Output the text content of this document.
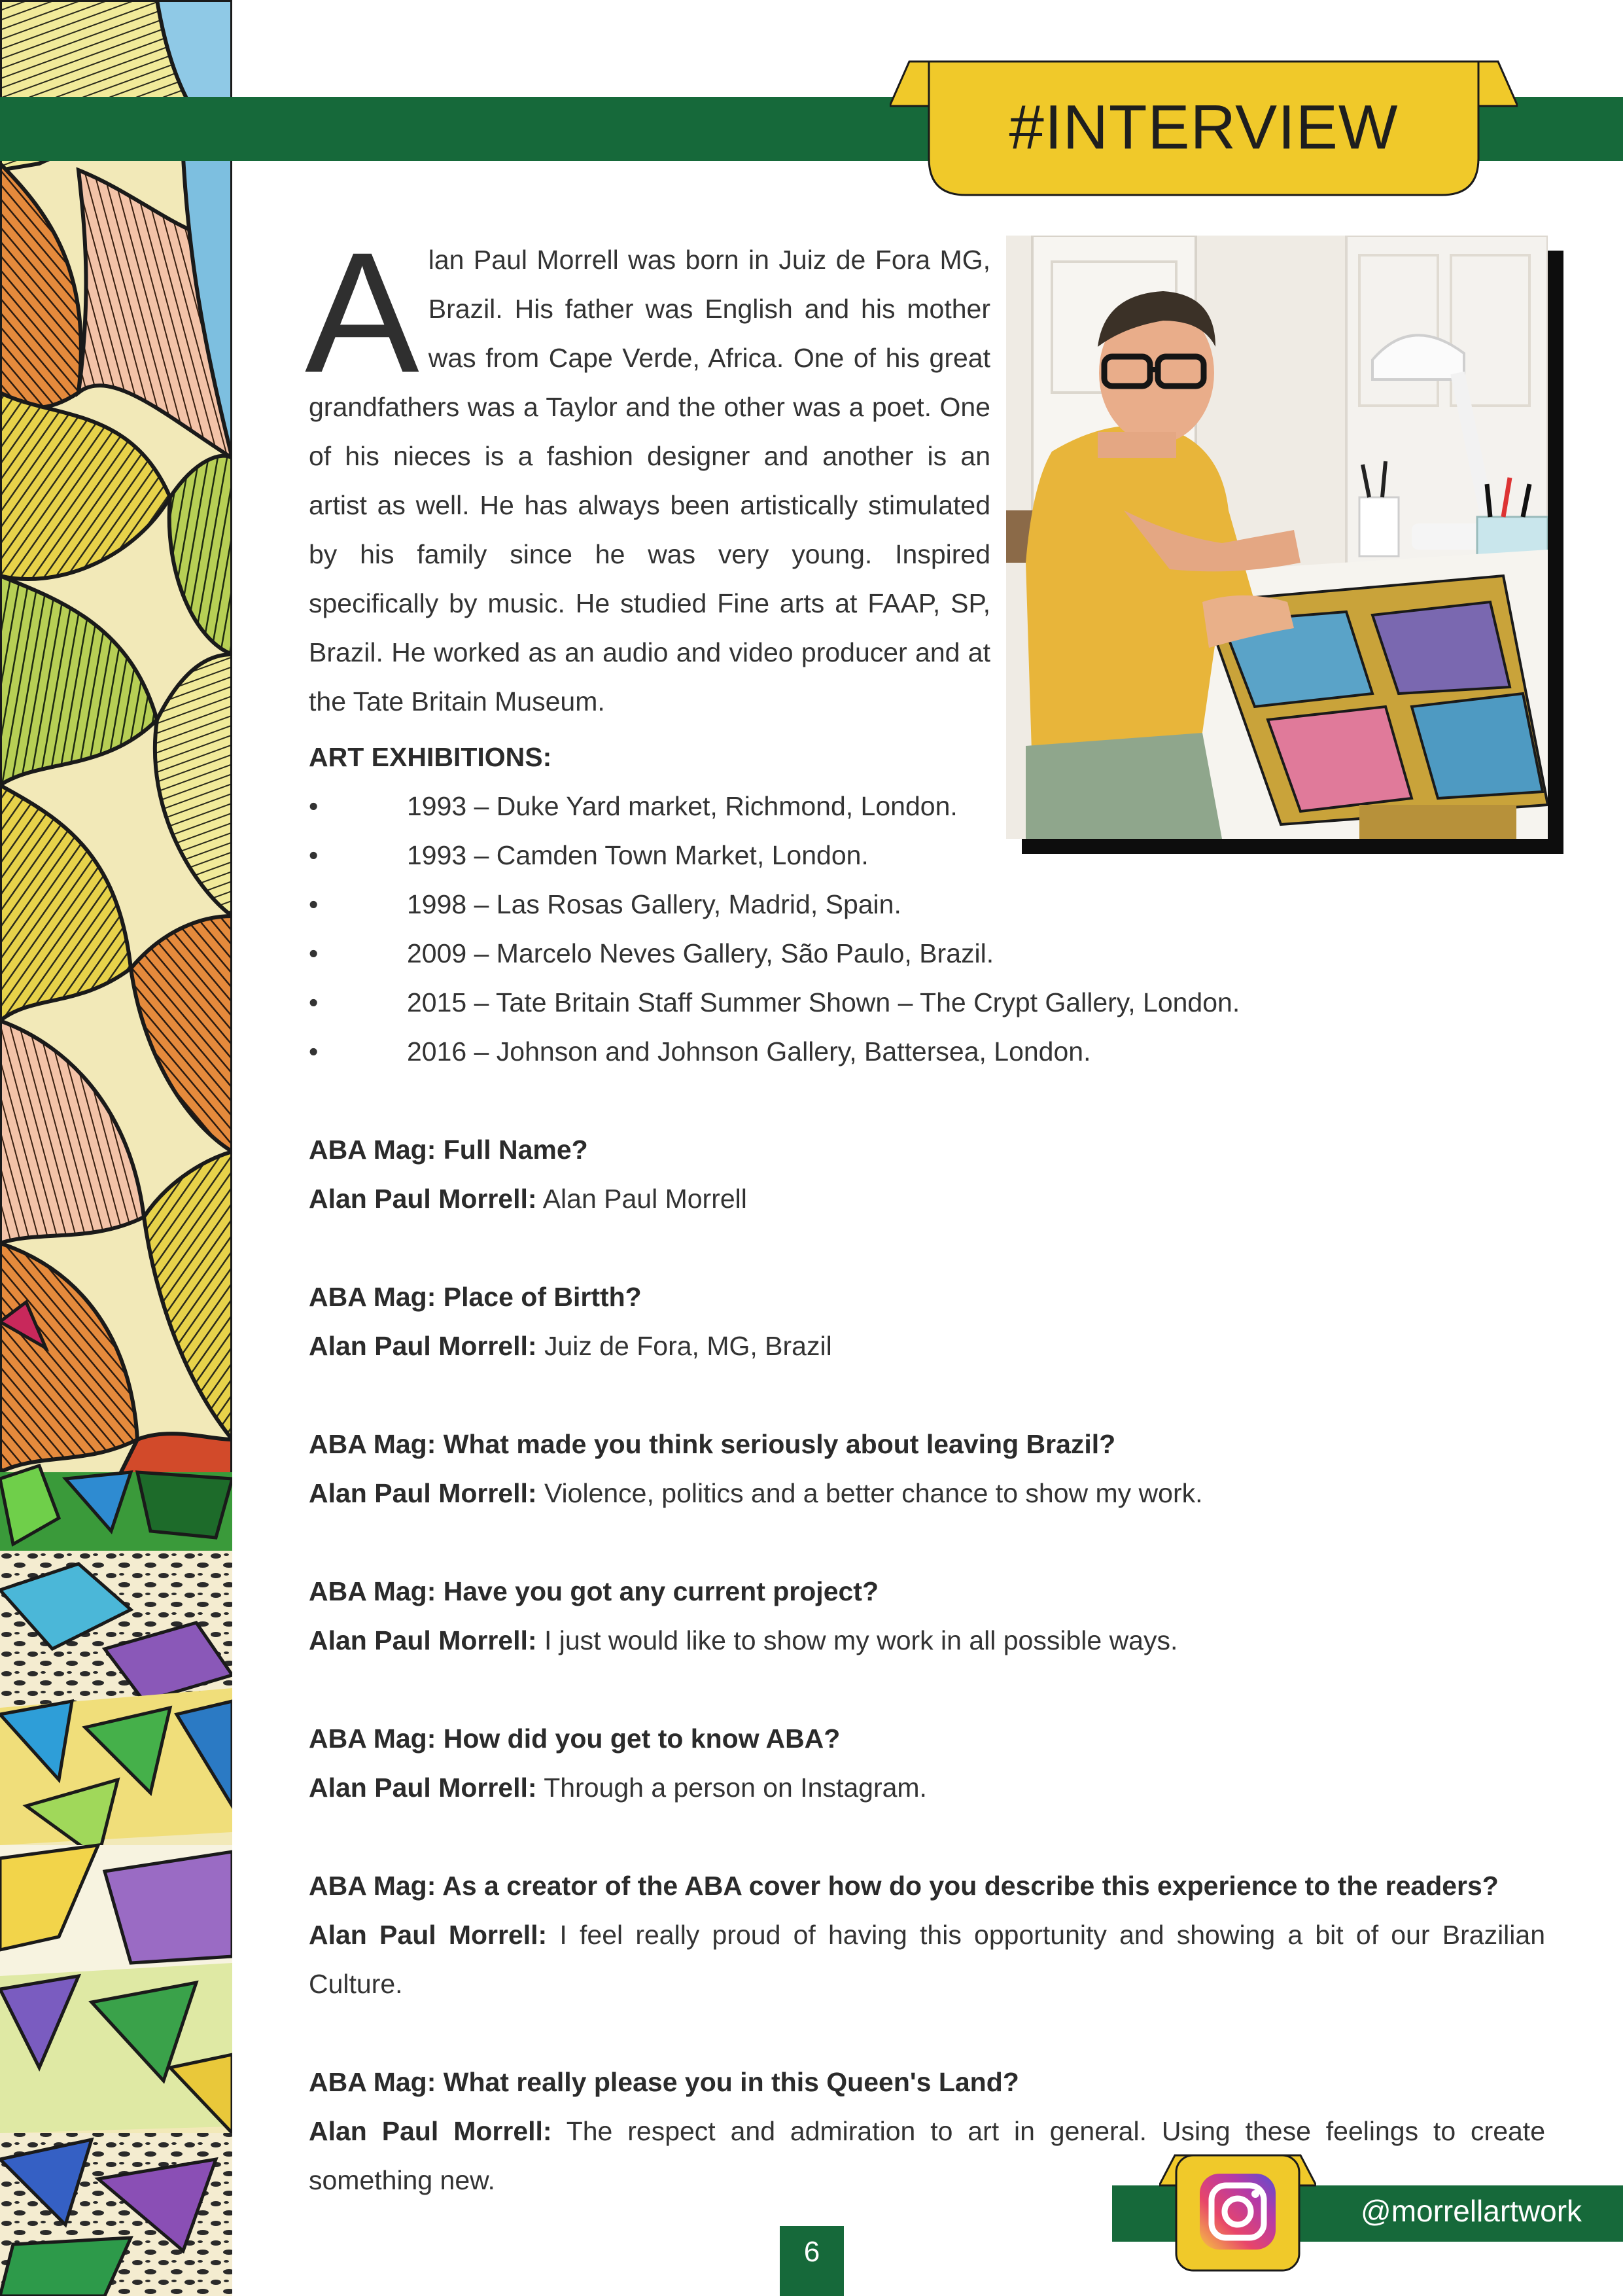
#INTERVIEW
Alan Paul Morrell was born in Juiz de Fora MG, Brazil. His father was English and his mother was from Cape Verde, Africa. One of his great grandfathers was a Taylor and the other was a poet. One of his nieces is a fashion designer and another is an artist as well. He has always been artistically stimulated by his family since he was very young. Inspired specifically by music. He studied Fine arts at FAAP, SP, Brazil. He worked as an audio and video producer and at the Tate Britain Museum.
ART EXHIBITIONS:
•	1993 – Duke Yard market, Richmond, London.
•	1993 – Camden Town Market, London.
•	1998 – Las Rosas Gallery, Madrid, Spain.
•	2009 – Marcelo Neves Gallery, São Paulo, Brazil.
•	2015 – Tate Britain Staff Summer Shown – The Crypt Gallery, London.
•	2016 – Johnson and Johnson Gallery, Battersea, London.
ABA Mag: Full Name?
Alan Paul Morrell: Alan Paul Morrell
ABA Mag: Place of Birtth?
Alan Paul Morrell: Juiz de Fora, MG, Brazil
ABA Mag: What made you think seriously about leaving Brazil?
Alan Paul Morrell: Violence, politics and a better chance to show my work.
ABA Mag: Have you got any current project?
Alan Paul Morrell: I just would like to show my work in all possible ways.
ABA Mag: How did you get to know ABA?
Alan Paul Morrell: Through a person on Instagram.
ABA Mag: As a creator of the ABA cover how do you describe this experience to the readers?
Alan Paul Morrell: I feel really proud of having this opportunity and showing a bit of our Brazilian Culture.
ABA Mag: What really please you in this Queen's Land?
Alan Paul Morrell: The respect and admiration to art in general. Using these feelings to create something new.
6
@morrellartwork
